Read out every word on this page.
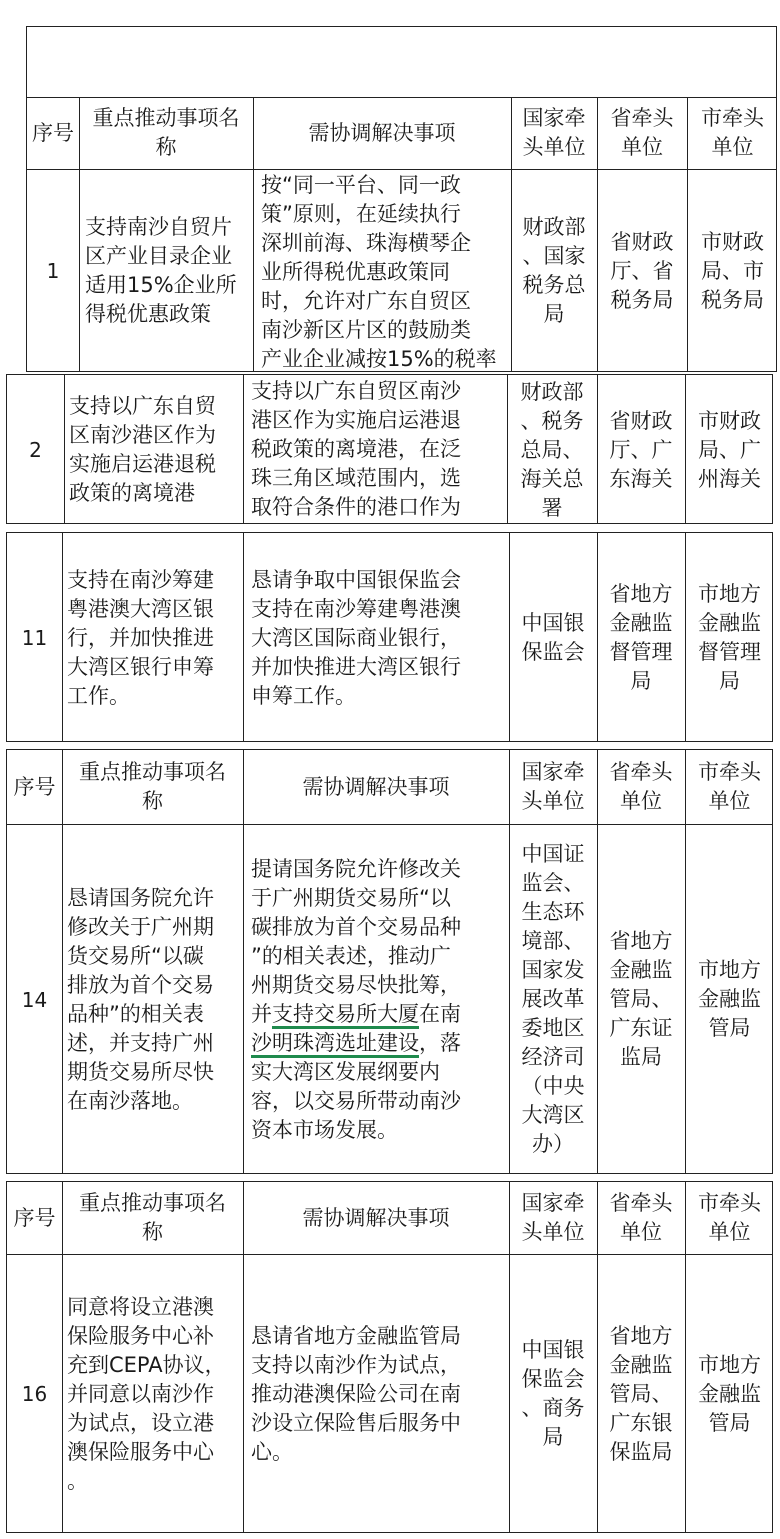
序号
重点推动事项名
称
需协调解决事项
国家牵
头单位
省牵头
单位
市牵头
单位
1
支持南沙自贸片
区产业目录企业
适用15%企业所
得税优惠政策
按“同一平台、同一政
策”原则，在延续执行
深圳前海、珠海横琴企
业所得税优惠政策同
时，允许对广东自贸区
南沙新区片区的鼓励类
产业企业减按15%的税率

财政部
、国家
税务总
局
省财政
厅、省
税务局
市财政
局、市
税务局
2
支持以广东自贸
区南沙港区作为
实施启运港退税
政策的离境港
支持以广东自贸区南沙
港区作为实施启运港退
税政策的离境港，在泛
珠三角区域范围内，选
取符合条件的港口作为

财政部
、税务
总局、
海关总
署
省财政
厅、广
东海关
市财政
局、广
州海关
11
支持在南沙筹建
粤港澳大湾区银
行，并加快推进
大湾区银行申筹
工作。
恳请争取中国银保监会
支持在南沙筹建粤港澳
大湾区国际商业银行，
并加快推进大湾区银行
申筹工作。
中国银
保监会
省地方
金融监
督管理
局
市地方
金融监
督管理
局
序号
重点推动事项名
称
需协调解决事项
国家牵
头单位
省牵头
单位
市牵头
单位
14
恳请国务院允许
修改关于广州期
货交易所“以碳
排放为首个交易
品种”的相关表
述，并支持广州
期货交易所尽快
在南沙落地。
提请国务院允许修改关
于广州期货交易所“以
碳排放为首个交易品种
”的相关表述，推动广
州期货交易尽快批筹，
并支持交易所大厦在南
沙明珠湾选址建设，落
实大湾区发展纲要内
容，以交易所带动南沙
资本市场发展。
中国证
监会、
生态环
境部、
国家发
展改革
委地区
经济司
（中央
大湾区
办）
省地方
金融监
管局、
广东证
监局
市地方
金融监
管局
序号
重点推动事项名
称
需协调解决事项
国家牵
头单位
省牵头
单位
市牵头
单位
16
同意将设立港澳
保险服务中心补
充到CEPA协议，
并同意以南沙作
为试点，设立港
澳保险服务中心
。
恳请省地方金融监管局
支持以南沙作为试点，
推动港澳保险公司在南
沙设立保险售后服务中
心。
中国银
保监会
、商务
局
省地方
金融监
管局、
广东银
保监局
市地方
金融监
管局
